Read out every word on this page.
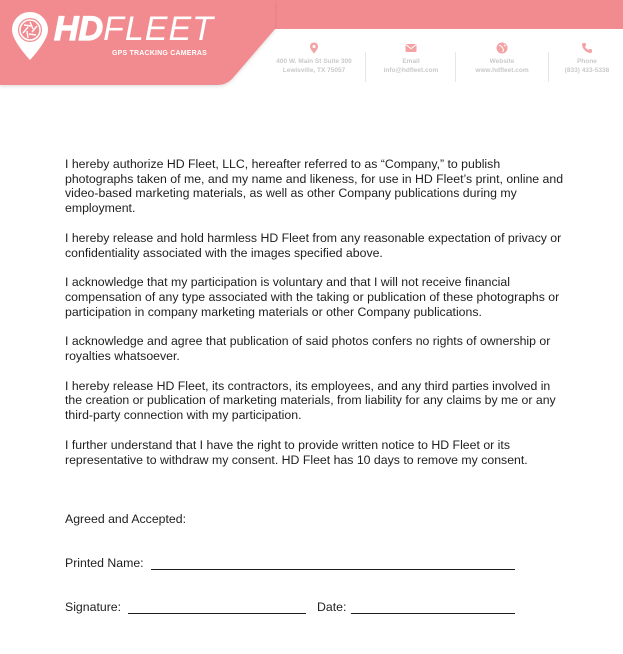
HDFLEET
GPS TRACKING CAMERAS
400 W. Main St Suite 300
Lewisville, TX 75057
Email
info@hdfleet.com
Website
www.hdfleet.com
Phone
(833) 433-5338

I hereby authorize HD Fleet, LLC, hereafter referred to as “Company,” to publish photographs taken of me, and my name and likeness, for use in HD Fleet’s print, online and video-based marketing materials, as well as other Company publications during my employment.

I hereby release and hold harmless HD Fleet from any reasonable expectation of privacy or confidentiality associated with the images specified above.

I acknowledge that my participation is voluntary and that I will not receive financial compensation of any type associated with the taking or publication of these photographs or participation in company marketing materials or other Company publications.

I acknowledge and agree that publication of said photos confers no rights of ownership or royalties whatsoever.

I hereby release HD Fleet, its contractors, its employees, and any third parties involved in the creation or publication of marketing materials, from liability for any claims by me or any third-party connection with my participation.

I further understand that I have the right to provide written notice to HD Fleet or its representative to withdraw my consent. HD Fleet has 10 days to remove my consent.

Agreed and Accepted:
Printed Name:
Signature:	Date:
